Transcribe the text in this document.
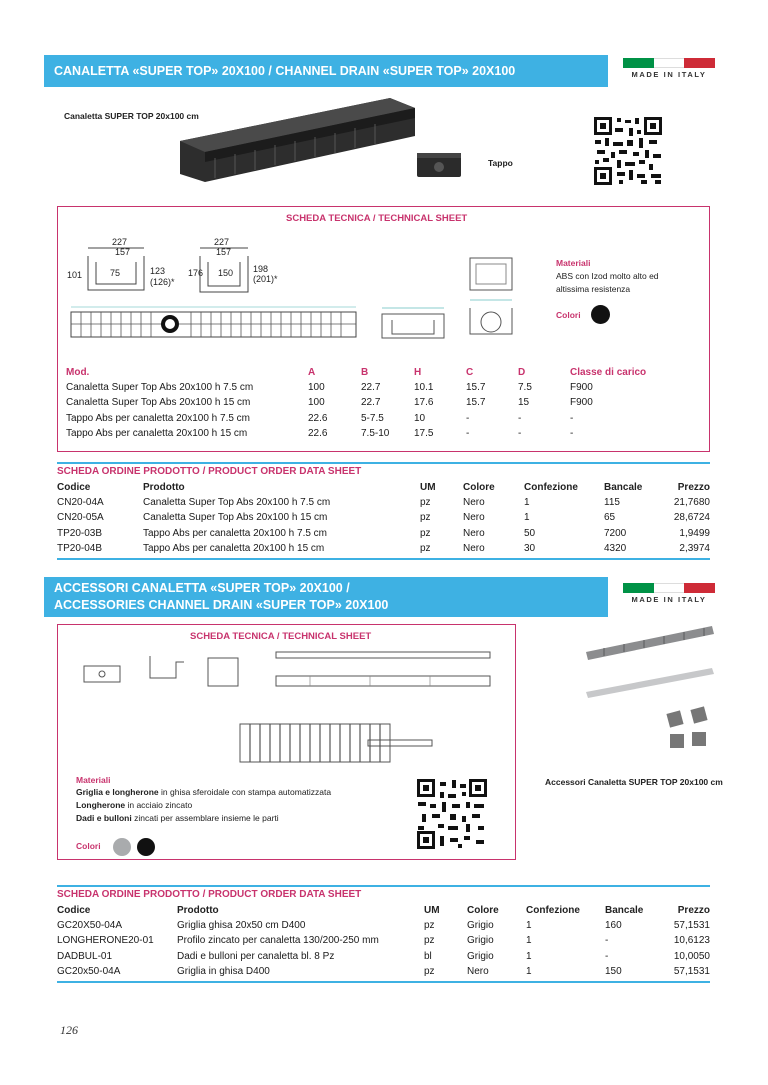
CANALETTA «SUPER TOP» 20X100 / CHANNEL DRAIN «SUPER TOP» 20X100	MADE IN ITALY
Canaletta SUPER TOP 20x100 cm
Tappo
SCHEDA TECNICA / TECHNICAL SHEET
227
157
101	75	123
(126)*
227
157
176 150 198
(201)*
Materiali
ABS con Izod molto alto ed altissima resistenza
Colori
Mod.	A	B	H	C	D	Classe di carico
Canaletta Super Top Abs 20x100 h 7.5 cm	100	22.7	10.1	15.7	7.5	F900
Canaletta Super Top Abs 20x100 h 15 cm	100	22.7	17.6	15.7	15	F900
Tappo Abs per canaletta 20x100 h 7.5 cm	22.6	5-7.5	10	-	-	-
Tappo Abs per canaletta 20x100 h 15 cm	22.6	7.5-10	17.5	-	-	-
SCHEDA ORDINE PRODOTTO / PRODUCT ORDER DATA SHEET
Codice	Prodotto	UM	Colore	Confezione	Bancale	Prezzo
CN20-04A	Canaletta Super Top Abs 20x100 h 7.5 cm	pz	Nero	1	115	21,7680
CN20-05A	Canaletta Super Top Abs 20x100 h 15 cm	pz	Nero	1	65	28,6724
TP20-03B	Tappo Abs per canaletta 20x100 h 7.5 cm	pz	Nero	50	7200	1,9499
TP20-04B	Tappo Abs per canaletta 20x100 h 15 cm	pz	Nero	30	4320	2,3974
ACCESSORI CANALETTA «SUPER TOP» 20X100 /
ACCESSORIES CHANNEL DRAIN «SUPER TOP» 20X100	MADE IN ITALY
SCHEDA TECNICA / TECHNICAL SHEET
Accessori Canaletta SUPER TOP 20x100 cm
Materiali
Griglia e longherone in ghisa sferoidale con stampa automatizzata
Longherone in acciaio zincato
Dadi e bulloni zincati per assemblare insieme le parti
Colori
SCHEDA ORDINE PRODOTTO / PRODUCT ORDER DATA SHEET
Codice	Prodotto	UM	Colore	Confezione	Bancale	Prezzo
GC20X50-04A	Griglia ghisa 20x50 cm D400	pz	Grigio	1	160	57,1531
LONGHERONE20-01	Profilo zincato per canaletta 130/200-250 mm	pz	Grigio	1	-	10,6123
DADBUL-01	Dadi e bulloni per canaletta bl. 8 Pz	bl	Grigio	1	-	10,0050
GC20x50-04A	Griglia in ghisa D400	pz	Nero	1	150	57,1531
126
